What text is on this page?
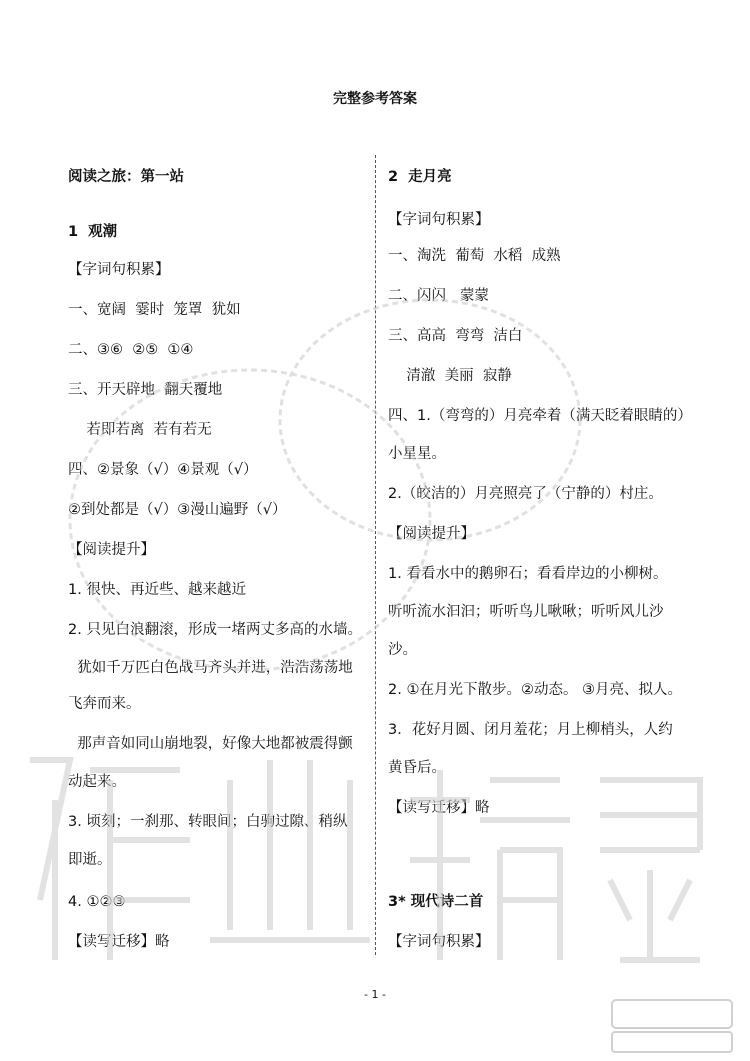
完整参考答案
阅读之旅：第一站
1  观潮
【字词句积累】
一、宽阔  霎时  笼罩  犹如
二、③⑥  ②⑤  ①④
三、开天辟地  翻天覆地
若即若离  若有若无
四、②景象（√）④景观（√）
②到处都是（√）③漫山遍野（√）
【阅读提升】
1. 很快、再近些、越来越近
2. 只见白浪翻滚，形成一堵两丈多高的水墙。
犹如千万匹白色战马齐头并进，浩浩荡荡地
飞奔而来。
那声音如同山崩地裂，好像大地都被震得颤
动起来。
3. 顷刻；一刹那、转眼间；白驹过隙、稍纵
即逝。
4. ①②③
【读写迁移】略
2  走月亮
【字词句积累】
一、淘洗  葡萄  水稻  成熟
二、闪闪   蒙蒙
三、高高  弯弯  洁白
清澈  美丽  寂静
四、1.（弯弯的）月亮牵着（满天眨着眼睛的）
小星星。
2.（皎洁的）月亮照亮了（宁静的）村庄。
【阅读提升】
1. 看看水中的鹅卵石；看看岸边的小柳树。
听听流水汩汩；听听鸟儿啾啾；听听风儿沙
沙。
2. ①在月光下散步。②动态。 ③月亮、拟人。
3．花好月圆、闭月羞花；月上柳梢头，人约
黄昏后。
【读写迁移】略
3* 现代诗二首
【字词句积累】
- 1 -
